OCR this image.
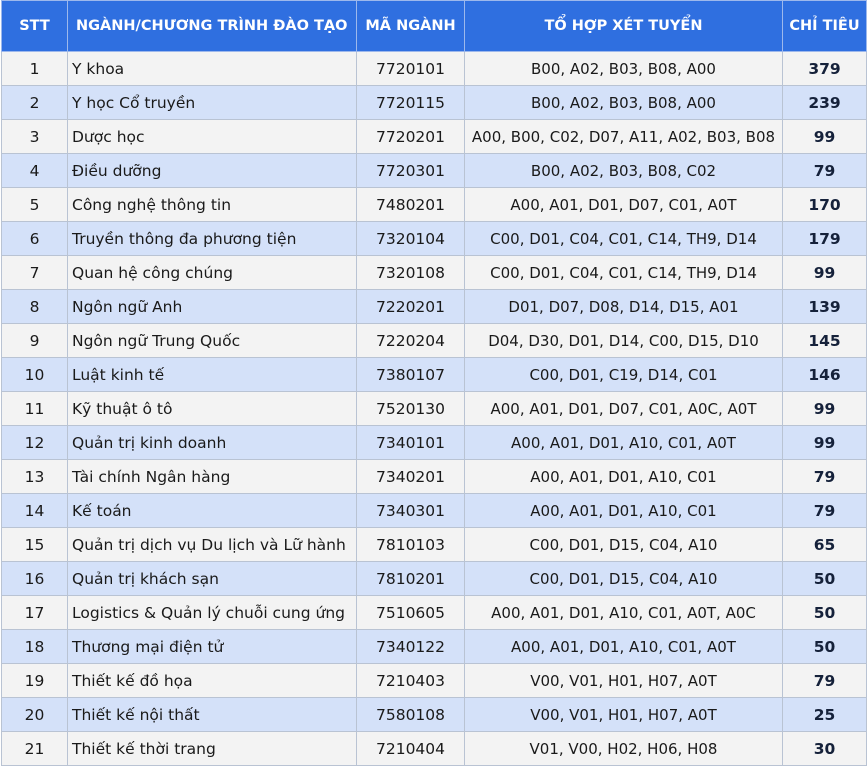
STT	NGÀNH/CHƯƠNG TRÌNH ĐÀO TẠO	MÃ NGÀNH	TỔ HỢP XÉT TUYỂN	CHỈ TIÊU
1	Y khoa	7720101	B00, A02, B03, B08, A00	379
2	Y học Cổ truyền	7720115	B00, A02, B03, B08, A00	239
3	Dược học	7720201	A00, B00, C02, D07, A11, A02, B03, B08	99
4	Điều dưỡng	7720301	B00, A02, B03, B08, C02	79
5	Công nghệ thông tin	7480201	A00, A01, D01, D07, C01, A0T	170
6	Truyền thông đa phương tiện	7320104	C00, D01, C04, C01, C14, TH9, D14	179
7	Quan hệ công chúng	7320108	C00, D01, C04, C01, C14, TH9, D14	99
8	Ngôn ngữ Anh	7220201	D01, D07, D08, D14, D15, A01	139
9	Ngôn ngữ Trung Quốc	7220204	D04, D30, D01, D14, C00, D15, D10	145
10	Luật kinh tế	7380107	C00, D01, C19, D14, C01	146
11	Kỹ thuật ô tô	7520130	A00, A01, D01, D07, C01, A0C, A0T	99
12	Quản trị kinh doanh	7340101	A00, A01, D01, A10, C01, A0T	99
13	Tài chính Ngân hàng	7340201	A00, A01, D01, A10, C01	79
14	Kế toán	7340301	A00, A01, D01, A10, C01	79
15	Quản trị dịch vụ Du lịch và Lữ hành	7810103	C00, D01, D15, C04, A10	65
16	Quản trị khách sạn	7810201	C00, D01, D15, C04, A10	50
17	Logistics & Quản lý chuỗi cung ứng	7510605	A00, A01, D01, A10, C01, A0T, A0C	50
18	Thương mại điện tử	7340122	A00, A01, D01, A10, C01, A0T	50
19	Thiết kế đồ họa	7210403	V00, V01, H01, H07, A0T	79
20	Thiết kế nội thất	7580108	V00, V01, H01, H07, A0T	25
21	Thiết kế thời trang	7210404	V01, V00, H02, H06, H08	30
